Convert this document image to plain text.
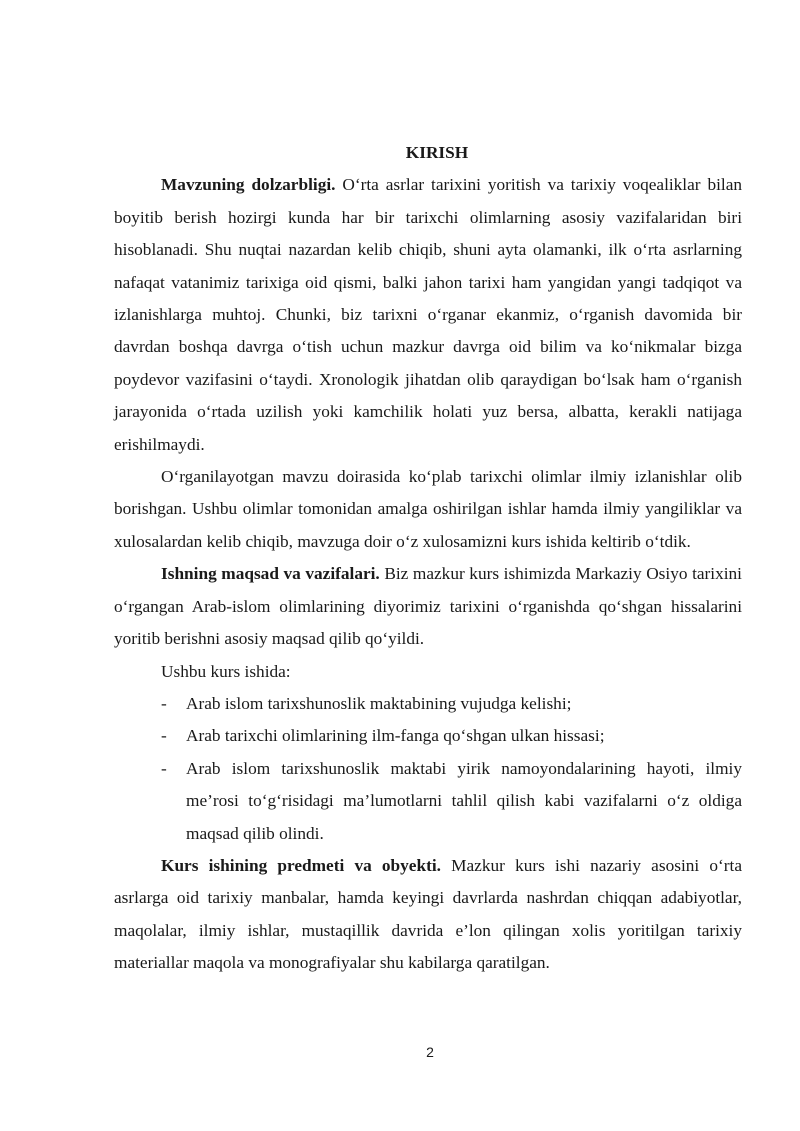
KIRISH

Mavzuning dolzarbligi. O‘rta asrlar tarixini yoritish va tarixiy voqealiklar bilan boyitib berish hozirgi kunda har bir tarixchi olimlarning asosiy vazifalaridan biri hisoblanadi. Shu nuqtai nazardan kelib chiqib, shuni ayta olamanki, ilk o‘rta asrlarning nafaqat vatanimiz tarixiga oid qismi, balki jahon tarixi ham yangidan yangi tadqiqot va izlanishlarga muhtoj. Chunki, biz tarixni o‘rganar ekanmiz, o‘rganish davomida bir davrdan boshqa davrga o‘tish uchun mazkur davrga oid bilim va ko‘nikmalar bizga poydevor vazifasini o‘taydi. Xronologik jihatdan olib qaraydigan bo‘lsak ham o‘rganish jarayonida o‘rtada uzilish yoki kamchilik holati yuz bersa, albatta, kerakli natijaga erishilmaydi.

O‘rganilayotgan mavzu doirasida ko‘plab tarixchi olimlar ilmiy izlanishlar olib borishgan. Ushbu olimlar tomonidan amalga oshirilgan ishlar hamda ilmiy yangiliklar va xulosalardan kelib chiqib, mavzuga doir o‘z xulosamizni kurs ishida keltirib o‘tdik.

Ishning maqsad va vazifalari. Biz mazkur kurs ishimizda Markaziy Osiyo tarixini o‘rgangan Arab-islom olimlarining diyorimiz tarixini o‘rganishda qo‘shgan hissalarini yoritib berishni asosiy maqsad qilib qo‘yildi.

Ushbu kurs ishida:

- Arab islom tarixshunoslik maktabining vujudga kelishi;
- Arab tarixchi olimlarining ilm-fanga qo‘shgan ulkan hissasi;
- Arab islom tarixshunoslik maktabi yirik namoyondalarining hayoti, ilmiy me’rosi to‘g‘risidagi ma’lumotlarni tahlil qilish kabi vazifalarni o‘z oldiga maqsad qilib olindi.

Kurs ishining predmeti va obyekti. Mazkur kurs ishi nazariy asosini o‘rta asrlarga oid tarixiy manbalar, hamda keyingi davrlarda nashrdan chiqqan adabiyotlar, maqolalar, ilmiy ishlar, mustaqillik davrida e’lon qilingan xolis yoritilgan tarixiy materiallar maqola va monografiyalar shu kabilarga qaratilgan.

2
